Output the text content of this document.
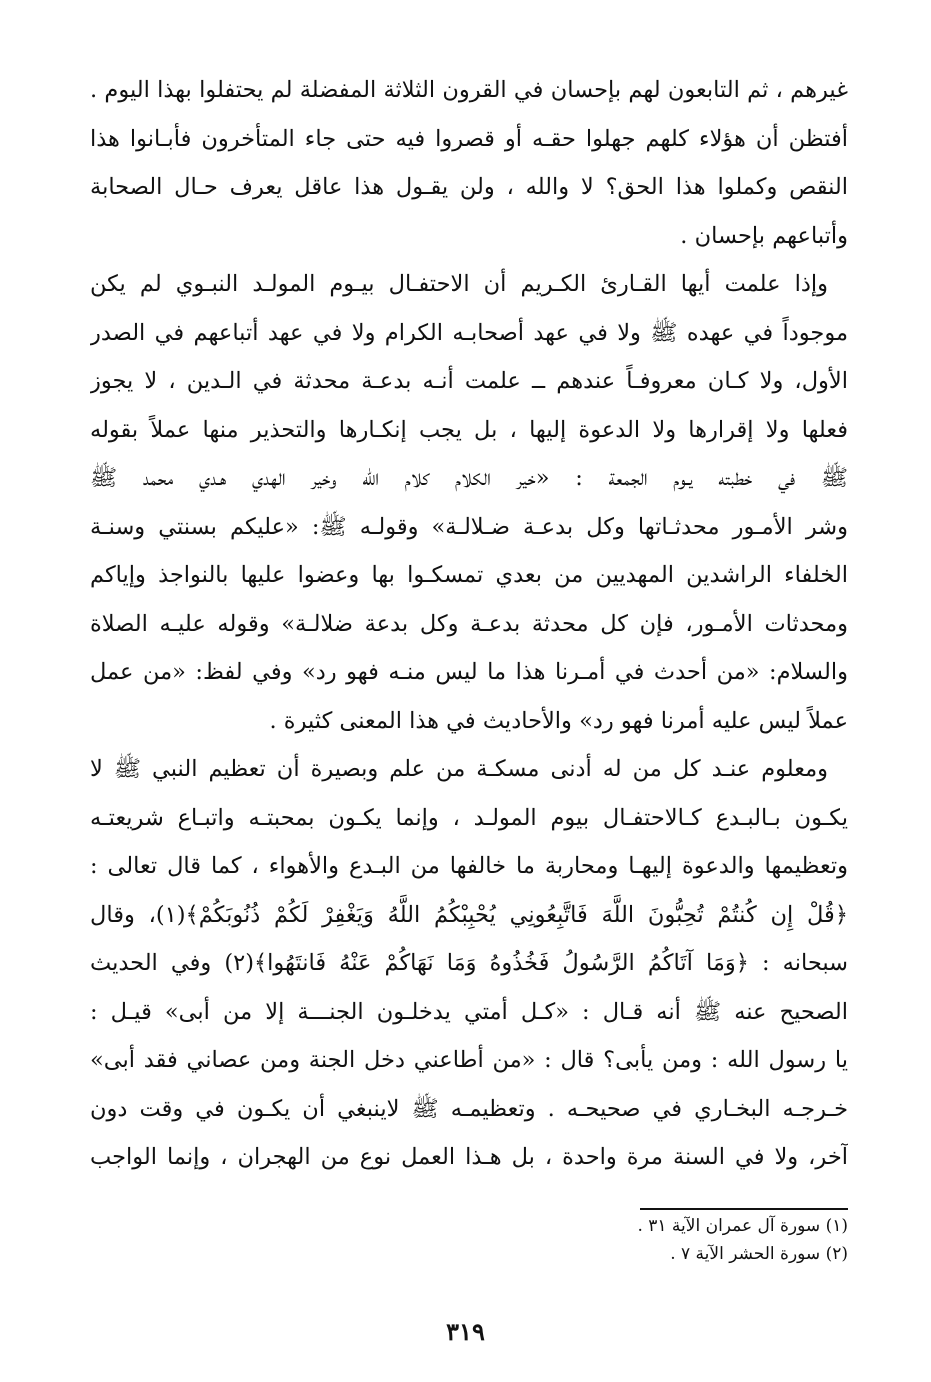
غيرهم ، ثم التابعون لهم بإحسان في القرون الثلاثة المفضلة لم يحتفلوا بهذا اليوم .
أفتظن أن هؤلاء كلهم جهلوا حقـه أو قصروا فيه حتى جاء المتأخرون فأبـانوا هذا
النقص وكملوا هذا الحق؟ لا والله ، ولن يقـول هذا عاقل يعرف حـال الصحابة
وأتباعهم بإحسان .

وإذا علمت أيها القـارئ الكـريم أن الاحتفـال بيـوم المولـد النبـوي لم يكن
موجوداً في عهده ﷺ ولا في عهد أصحابـه الكرام ولا في عهد أتباعهم في الصدر
الأول، ولا كـان معروفـاً عندهم ــ علمت أنـه بدعـة محدثة في الـدين ، لا يجوز
فعلها ولا إقرارها ولا الدعوة إليها ، بل يجب إنكـارها والتحذير منها عملاً بقوله
ﷺ في خطبته يـوم الجمعة : «خير الكلام كلام الله وخير الهدي هـدي محمد ﷺ
وشر الأمـور محدثـاتها وكل بدعـة ضـلالـة» وقولـه ﷺ: «عليكم بسنتي وسنـة
الخلفاء الراشدين المهديين من بعدي تمسكـوا بها وعضوا عليها بالنواجذ وإياكم
ومحدثات الأمـور، فإن كل محدثة بدعـة وكل بدعة ضلالـة» وقوله عليـه الصلاة
والسلام: «من أحدث في أمـرنا هذا ما ليس منـه فهو رد» وفي لفظ: «من عمل
عملاً ليس عليه أمرنا فهو رد» والأحاديث في هذا المعنى كثيرة .

ومعلوم عنـد كل من له أدنى مسكـة من علم وبصيرة أن تعظيم النبي ﷺ لا
يكـون بـالبـدع كـالاحتفـال بيوم المولـد ، وإنما يكـون بمحبتـه واتبـاع شريعتـه
وتعظيمها والدعوة إليهـا ومحاربة ما خالفها من البـدع والأهواء ، كما قال تعالى :
﴿قُلْ إِن كُنتُمْ تُحِبُّونَ اللَّهَ فَاتَّبِعُونِي يُحْبِبْكُمُ اللَّهُ وَيَغْفِرْ لَكُمْ ذُنُوبَكُمْ﴾(١)، وقال
سبحانه : ﴿وَمَا آتَاكُمُ الرَّسُولُ فَخُذُوهُ وَمَا نَهَاكُمْ عَنْهُ فَانتَهُوا﴾(٢) وفي الحديث
الصحيح عنه ﷺ أنه قـال : «كـل أمتي يدخلـون الجنـــة إلا من أبى» قيـل :
يا رسول الله : ومن يأبى؟ قال : «من أطاعني دخل الجنة ومن عصاني فقد أبى»
خـرجـه البخـاري في صحيحـه . وتعظيمـه ﷺ لاينبغي أن يكـون في وقت دون
آخر، ولا في السنة مرة واحدة ، بل هـذا العمل نوع من الهجران ، وإنما الواجب

(١) سورة آل عمران الآية ٣١ .
(٢) سورة الحشر الآية ٧ .
٣١٩
